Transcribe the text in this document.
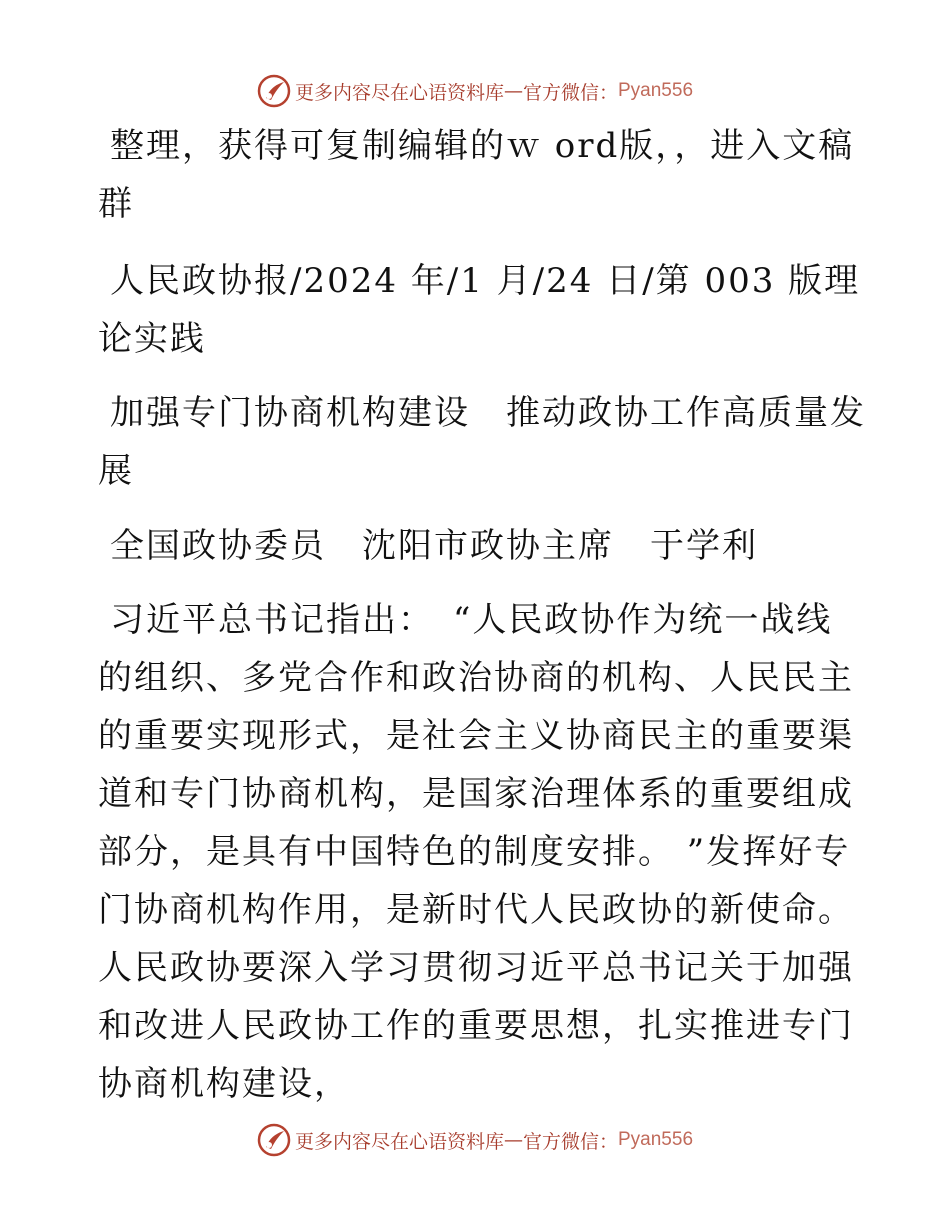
更多内容尽在心语资料库 — 官方微信： Pyan556

整理，获得可复制编辑的ｗ ord版，，进入文稿群

人民政协报/2024 年/1 月/24 日/第 003 版理论实践

加强专门协商机构建设　推动政协工作高质量发展

全国政协委员　沈阳市政协主席　于学利

习近平总书记指出：　“人民政协作为统一战线的组织、多党合作和政治协商的机构、人民民主的重要实现形式，是社会主义协商民主的重要渠道和专门协商机构，是国家治理体系的重要组成部分，是具有中国特色的制度安排。 ”发挥好专门协商机构作用，是新时代人民政协的新使命。人民政协要深入学习贯彻习近平总书记关于加强和改进人民政协工作的重要思想，扎实推进专门协商机构建设，

更多内容尽在心语资料库 — 官方微信： Pyan556
